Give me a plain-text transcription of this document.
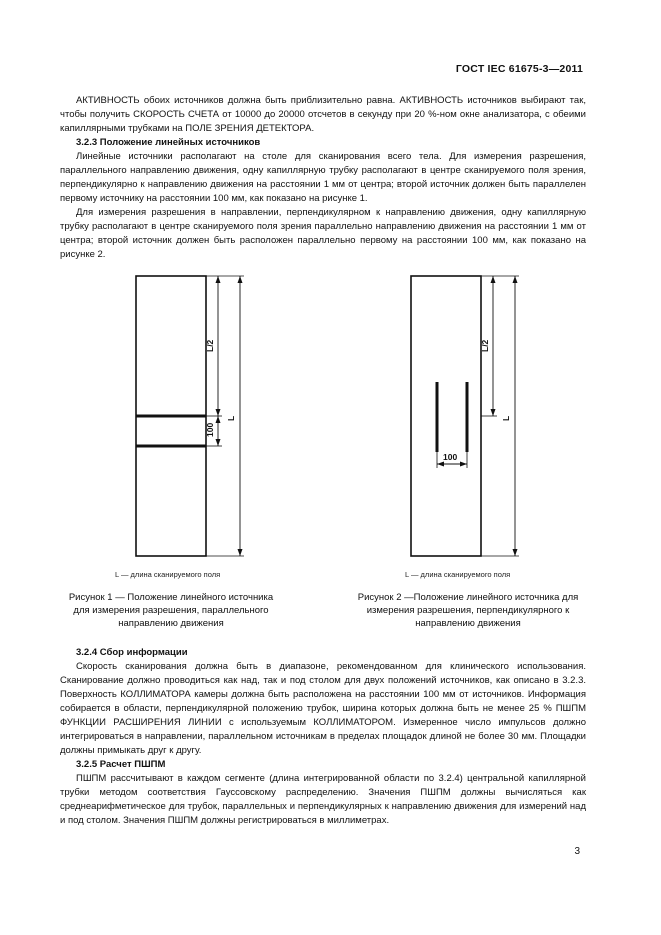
ГОСТ IEC 61675-3—2011

АКТИВНОСТЬ обоих источников должна быть приблизительно равна. АКТИВНОСТЬ источников выбирают так, чтобы получить СКОРОСТЬ СЧЕТА от 10000 до 20000 отсчетов в секунду при 20 %-ном окне анализатора, с обеими капиллярными трубками на ПОЛЕ ЗРЕНИЯ ДЕТЕКТОРА.

3.2.3 Положение линейных источников

Линейные источники располагают на столе для сканирования всего тела. Для измерения разрешения, параллельного направлению движения, одну капиллярную трубку располагают в центре сканируемого поля зрения, перпендикулярно к направлению движения на расстоянии 1 мм от центра; второй источник должен быть параллелен первому источнику на расстоянии 100 мм, как показано на рисунке 1.

Для измерения разрешения в направлении, перпендикулярном к направлению движения, одну капиллярную трубку располагают в центре сканируемого поля зрения параллельно направлению движения на расстоянии 1 мм от центра; второй источник должен быть расположен параллельно первому на расстоянии 100 мм, как показано на рисунке 2.

L/2
100
L
L — длина сканируемого поля
Рисунок 1 — Положение линейного источника для измерения разрешения, параллельного направлению движения
L/2
100
L
L — длина сканируемого поля
Рисунок 2 —Положение линейного источника для измерения разрешения, перпендикулярного к направлению движения
3.2.4 Сбор информации

Скорость сканирования должна быть в диапазоне, рекомендованном для клинического использования. Сканирование должно проводиться как над, так и под столом для двух положений источников, как описано в 3.2.3. Поверхность КОЛЛИМАТОРА камеры должна быть расположена на расстоянии 100 мм от источников. Информация собирается в области, перпендикулярной положению трубок, ширина которых должна быть не менее 25 % ПШПМ ФУНКЦИИ РАСШИРЕНИЯ ЛИНИИ с используемым КОЛЛИМАТОРОМ. Измеренное число импульсов должно интегрироваться в направлении, параллельном источникам в пределах площадок длиной не более 30 мм. Площадки должны примыкать друг к другу.

3.2.5 Расчет ПШПМ

ПШПМ рассчитывают в каждом сегменте (длина интегрированной области по 3.2.4) центральной капиллярной трубки методом соответствия Гауссовскому распределению. Значения ПШПМ должны вычисляться как среднеарифметическое для трубок, параллельных и перпендикулярных к направлению движения для измерений над и под столом. Значения ПШПМ должны регистрироваться в миллиметрах.

3
